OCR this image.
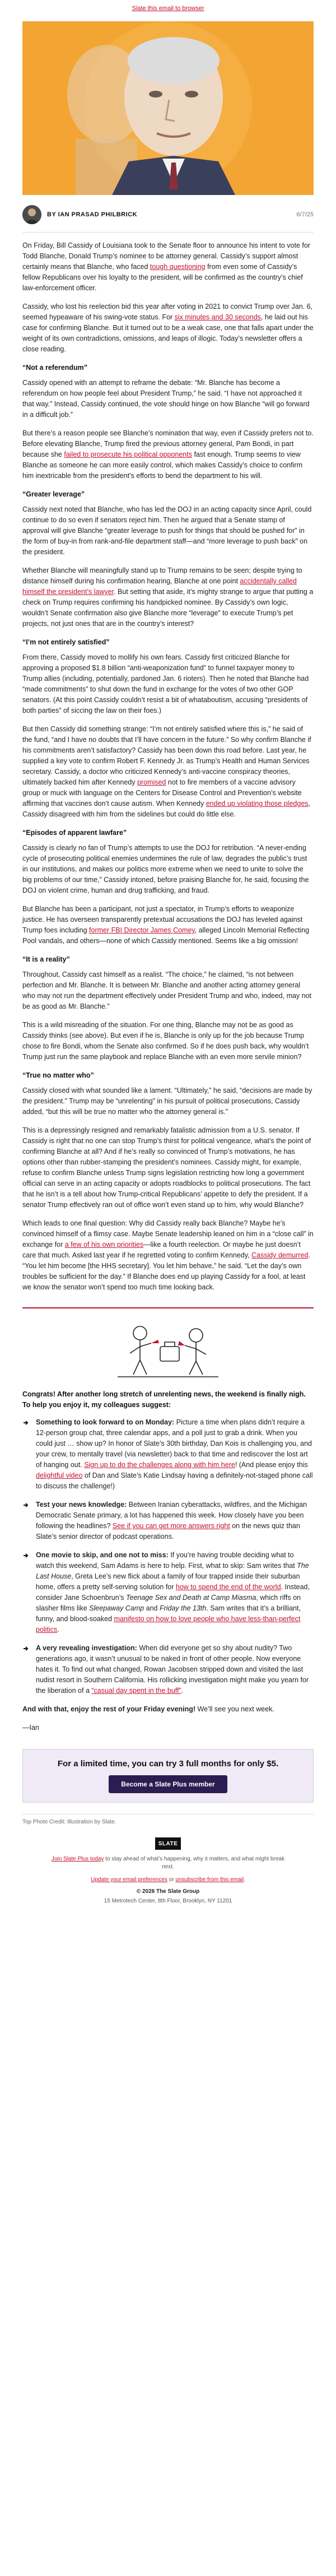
Slate this email to browser
BY IAN PRASAD PHILBRICK	6/7/25

On Friday, Bill Cassidy of Louisiana took to the Senate floor to announce his intent to vote for Todd Blanche, Donald Trump’s nominee to be attorney general. Cassidy’s support almost certainly means that Blanche, who faced tough questioning from even some of Cassidy’s fellow Republicans over his loyalty to the president, will be confirmed as the country’s chief law-enforcement officer.

Cassidy, who lost his reelection bid this year after voting in 2021 to convict Trump over Jan. 6, seemed hypeaware of his swing-vote status. For six minutes and 30 seconds, he laid out his case for confirming Blanche. But it turned out to be a weak case, one that falls apart under the weight of its own contradictions, omissions, and leaps of illogic. Today’s newsletter offers a close reading.

“Not a referendum”

Cassidy opened with an attempt to reframe the debate: “Mr. Blanche has become a referendum on how people feel about President Trump,” he said. “I have not approached it that way.” Instead, Cassidy continued, the vote should hinge on how Blanche “will go forward in a difficult job.”

But there’s a reason people see Blanche’s nomination that way, even if Cassidy prefers not to. Before elevating Blanche, Trump fired the previous attorney general, Pam Bondi, in part because she failed to prosecute his political opponents fast enough. Trump seems to view Blanche as someone he can more easily control, which makes Cassidy’s choice to confirm him inextricable from the president’s efforts to bend the department to his will.

“Greater leverage”

Cassidy next noted that Blanche, who has led the DOJ in an acting capacity since April, could continue to do so even if senators reject him. Then he argued that a Senate stamp of approval will give Blanche “greater leverage to push for things that should be pushed for” in the form of buy-in from rank-and-file department staff—and “more leverage to push back” on the president.

Whether Blanche will meaningfully stand up to Trump remains to be seen; despite trying to distance himself during his confirmation hearing, Blanche at one point accidentally called himself the president’s lawyer. But setting that aside, it’s mighty strange to argue that putting a check on Trump requires confirming his handpicked nominee. By Cassidy’s own logic, wouldn’t Senate confirmation also give Blanche more “leverage” to execute Trump’s pet projects, not just ones that are in the country’s interest?

“I’m not entirely satisfied”

From there, Cassidy moved to mollify his own fears. Cassidy first criticized Blanche for approving a proposed $1.8 billion “anti-weaponization fund” to funnel taxpayer money to Trump allies (including, potentially, pardoned Jan. 6 rioters). Then he noted that Blanche had “made commitments” to shut down the fund in exchange for the votes of two other GOP senators. (At this point Cassidy couldn’t resist a bit of whataboutism, accusing “presidents of both parties” of siccing the law on their foes.)

But then Cassidy did something strange: “I’m not entirely satisfied where this is,” he said of the fund, “and I have no doubts that I’ll have concern in the future.” So why confirm Blanche if his commitments aren’t satisfactory? Cassidy has been down this road before. Last year, he supplied a key vote to confirm Robert F. Kennedy Jr. as Trump’s Health and Human Services secretary. Cassidy, a doctor who criticized Kennedy’s anti-vaccine conspiracy theories, ultimately backed him after Kennedy promised not to fire members of a vaccine advisory group or muck with language on the Centers for Disease Control and Prevention’s website affirming that vaccines don’t cause autism. When Kennedy ended up violating those pledges, Cassidy disagreed with him from the sidelines but could do little else.

“Episodes of apparent lawfare”

Cassidy is clearly no fan of Trump’s attempts to use the DOJ for retribution. “A never-ending cycle of prosecuting political enemies undermines the rule of law, degrades the public’s trust in our institutions, and makes our politics more extreme when we need to unite to solve the big problems of our time,” Cassidy intoned, before praising Blanche for, he said, focusing the DOJ on violent crime, human and drug trafficking, and fraud.

But Blanche has been a participant, not just a spectator, in Trump’s efforts to weaponize justice. He has overseen transparently pretextual accusations the DOJ has leveled against Trump foes including former FBI Director James Comey, alleged Lincoln Memorial Reflecting Pool vandals, and others—none of which Cassidy mentioned. Seems like a big omission!

“It is a reality”

Throughout, Cassidy cast himself as a realist. “The choice,” he claimed, “is not between perfection and Mr. Blanche. It is between Mr. Blanche and another acting attorney general who may not run the department effectively under President Trump and who, indeed, may not be as good as Mr. Blanche.”

This is a wild misreading of the situation. For one thing, Blanche may not be as good as Cassidy thinks (see above). But even if he is, Blanche is only up for the job because Trump chose to fire Bondi, whom the Senate also confirmed. So if he does push back, why wouldn’t Trump just run the same playbook and replace Blanche with an even more servile minion?

“True no matter who”

Cassidy closed with what sounded like a lament. “Ultimately,” he said, “decisions are made by the president.” Trump may be “unrelenting” in his pursuit of political prosecutions, Cassidy added, “but this will be true no matter who the attorney general is.”

This is a depressingly resigned and remarkably fatalistic admission from a U.S. senator. If Cassidy is right that no one can stop Trump’s thirst for political vengeance, what’s the point of confirming Blanche at all? And if he’s really so convinced of Trump’s motivations, he has options other than rubber-stamping the president’s nominees. Cassidy might, for example, refuse to confirm Blanche unless Trump signs legislation restricting how long a government official can serve in an acting capacity or adopts roadblocks to political prosecutions. The fact that he isn’t is a tell about how Trump-critical Republicans’ appetite to defy the president. If a senator Trump effectively ran out of office won’t even stand up to him, why would Blanche?

Which leads to one final question: Why did Cassidy really back Blanche? Maybe he’s convinced himself of a flimsy case. Maybe Senate leadership leaned on him in a “close call” in exchange for a few of his own priorities—like a fourth reelection. Or maybe he just doesn’t care that much. Asked last year if he regretted voting to confirm Kennedy, Cassidy demurred. “You let him become [the HHS secretary]. You let him behave,” he said. “Let the day’s own troubles be sufficient for the day.” If Blanche does end up playing Cassidy for a fool, at least we know the senator won’t spend too much time looking back.

Congrats! After another long stretch of unrelenting news, the weekend is finally nigh. To help you enjoy it, my colleagues suggest:

Something to look forward to on Monday: Picture a time when plans didn’t require a 12-person group chat, three calendar apps, and a poll just to grab a drink. When you could just … show up? In honor of Slate’s 30th birthday, Dan Kois is challenging you, and your crew, to mentally travel (via newsletter) back to that time and rediscover the lost art of hanging out. Sign up to do the challenges along with him here! (And please enjoy this delightful video of Dan and Slate’s Katie Lindsay having a definitely-not-staged phone call to discuss the challenge!)

Test your news knowledge: Between Iranian cyberattacks, wildfires, and the Michigan Democratic Senate primary, a lot has happened this week. How closely have you been following the headlines? See if you can get more answers right on the news quiz than Slate’s senior director of podcast operations.

One movie to skip, and one not to miss: If you’re having trouble deciding what to watch this weekend, Sam Adams is here to help. First, what to skip: Sam writes that The Last House, Greta Lee’s new flick about a family of four trapped inside their suburban home, offers a pretty self-serving solution for how to spend the end of the world. Instead, consider Jane Schoenbrun’s Teenage Sex and Death at Camp Miasma, which riffs on slasher films like Sleepaway Camp and Friday the 13th. Sam writes that it’s a brilliant, funny, and blood-soaked manifesto on how to love people who have less-than-perfect politics.

A very revealing investigation: When did everyone get so shy about nudity? Two generations ago, it wasn’t unusual to be naked in front of other people. Now everyone hates it. To find out what changed, Rowan Jacobsen stripped down and visited the last nudist resort in Southern California. His rollicking investigation might make you yearn for the liberation of a “casual day spent in the buff”.

And with that, enjoy the rest of your Friday evening! We’ll see you next week.

—Ian

For a limited time, you can try 3 full months for only $5.

Become a Slate Plus member

Top Photo Credit: Illustration by Slate.

SLATE

Join Slate Plus today to stay ahead of what’s happening, why it matters, and what might break next.

Update your email preferences or unsubscribe from this email.

© 2026 The Slate Group

15 Metrotech Center, 8th Floor, Brooklyn, NY 11201
